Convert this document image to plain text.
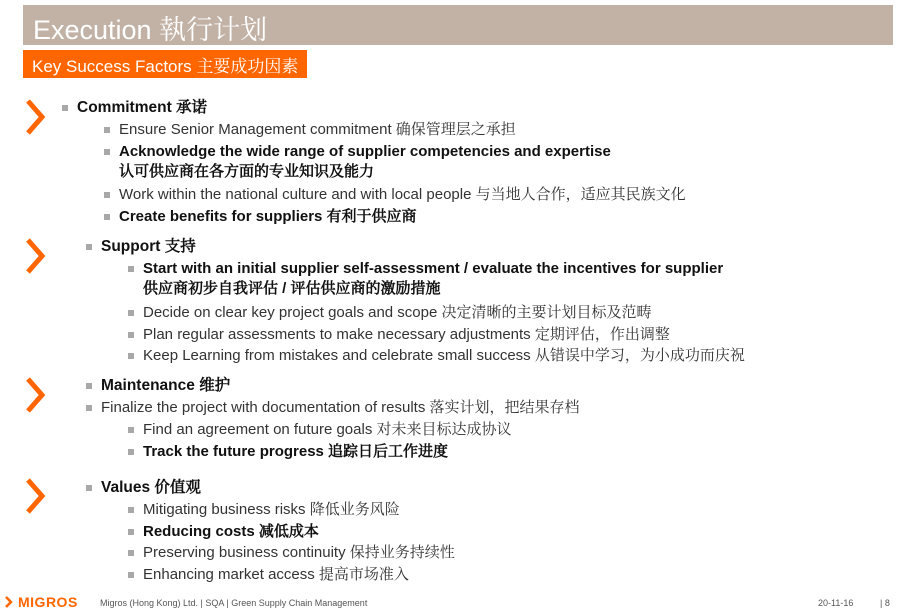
Execution 執行计划
Key Success Factors 主要成功因素
Commitment 承诺
Ensure Senior Management commitment 确保管理层之承担
Acknowledge the wide range of supplier competencies and expertise
认可供应商在各方面的专业知识及能力
Work within the national culture and with local people 与当地人合作，适应其民族文化
Create benefits for suppliers 有利于供应商
Support 支持
Start with an initial supplier self-assessment / evaluate the incentives for supplier
供应商初步自我评估 / 评估供应商的激励措施
Decide on clear key project goals and scope 决定清晰的主要计划目标及范畴
Plan regular assessments to make necessary adjustments 定期评估，作出调整
Keep Learning from mistakes and celebrate small success 从错误中学习，为小成功而庆祝
Maintenance 维护
Finalize the project with documentation of results 落实计划，把结果存档
Find an agreement on future goals 对未来目标达成协议
Track the future progress 追踪日后工作进度
Values 价值观
Mitigating business risks 降低业务风险
Reducing costs 减低成本
Preserving business continuity 保持业务持续性
Enhancing market access 提高市场准入
MIGROS Migros (Hong Kong) Ltd. | SQA | Green Supply Chain Management	20-11-16	| 8
